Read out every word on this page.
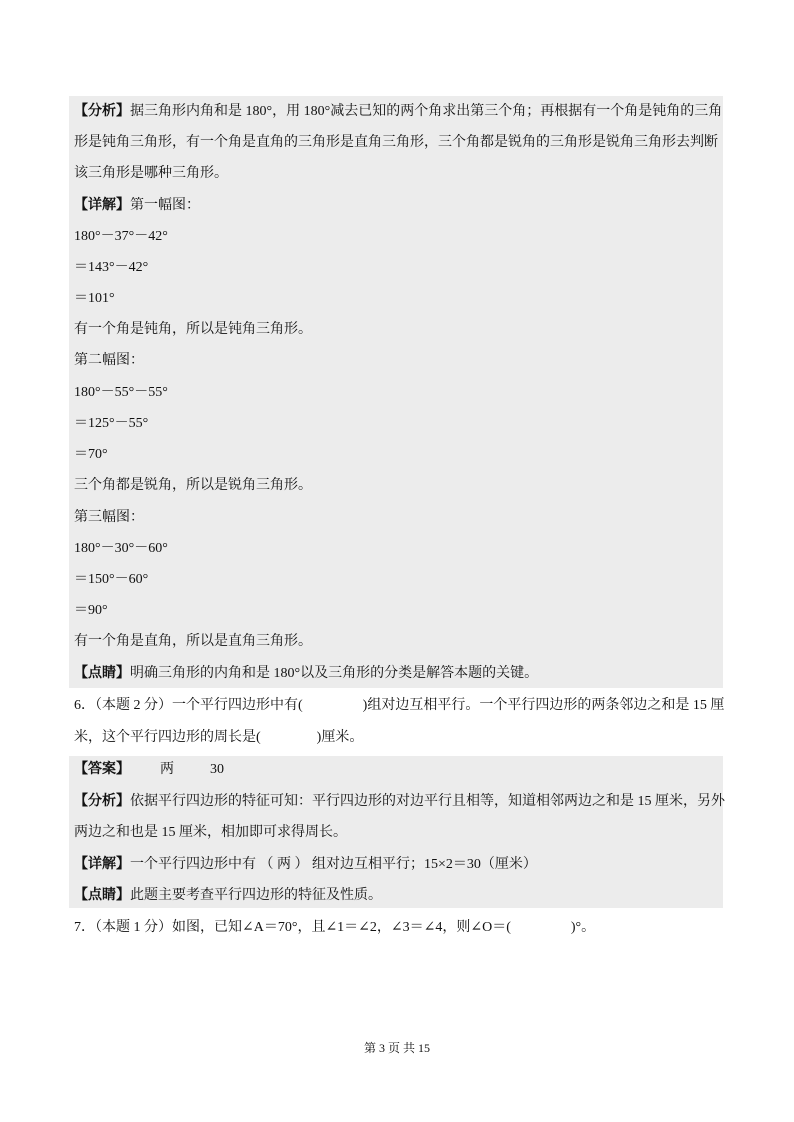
【分析】据三角形内角和是 180°，用 180°减去已知的两个角求出第三个角；再根据有一个角是钝角的三角
形是钝角三角形，有一个角是直角的三角形是直角三角形，三个角都是锐角的三角形是锐角三角形去判断
该三角形是哪种三角形。
【详解】第一幅图：
180°－37°－42°
＝143°－42°
＝101°
有一个角是钝角，所以是钝角三角形。
第二幅图：
180°－55°－55°
＝125°－55°
＝70°
三个角都是锐角，所以是锐角三角形。
第三幅图：
180°－30°－60°
＝150°－60°
＝90°
有一个角是直角，所以是直角三角形。
【点睛】明确三角形的内角和是 180°以及三角形的分类是解答本题的关键。
6．（本题 2 分）一个平行四边形中有(	)组对边互相平行。一个平行四边形的两条邻边之和是 15 厘
米，这个平行四边形的周长是(	)厘米。
【答案】 两	30
【分析】依据平行四边形的特征可知：平行四边形的对边平行且相等，知道相邻两边之和是 15 厘米，另外
两边之和也是 15 厘米，相加即可求得周长。
【详解】一个平行四边形中有 （ 两 ） 组对边互相平行；15×2＝30（厘米）
【点睛】此题主要考查平行四边形的特征及性质。
7．（本题 1 分）如图，已知∠A＝70°，且∠1＝∠2，∠3＝∠4，则∠O＝(	)°。
第 3 页 共 15
